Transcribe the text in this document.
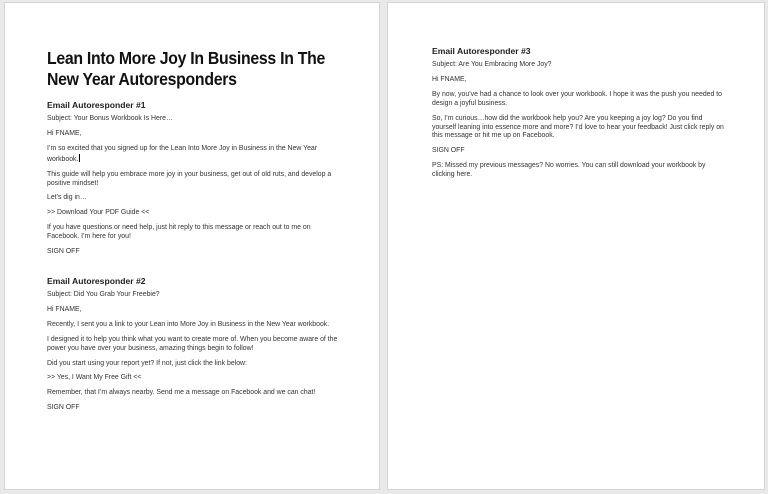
Lean Into More Joy In Business In The New Year Autoresponders
Email Autoresponder #1

Subject: Your Bonus Workbook Is Here…

Hi FNAME,

I’m so excited that you signed up for the Lean Into More Joy in Business in the New Year workbook.

This guide will help you embrace more joy in your business, get out of old ruts, and develop a positive mindset!

Let’s dig in…

>> Download Your PDF Guide <<

If you have questions or need help, just hit reply to this message or reach out to me on Facebook. I’m here for you!

SIGN OFF

Email Autoresponder #2

Subject: Did You Grab Your Freebie?

Hi FNAME,

Recently, I sent you a link to your Lean into More Joy in Business in the New Year workbook.

I designed it to help you think what you want to create more of. When you become aware of the power you have over your business, amazing things begin to follow!

Did you start using your report yet? If not, just click the link below:

>> Yes, I Want My Free Gift <<

Remember, that I’m always nearby. Send me a message on Facebook and we can chat!

SIGN OFF

Email Autoresponder #3

Subject: Are You Embracing More Joy?

Hi FNAME,

By now, you’ve had a chance to look over your workbook. I hope it was the push you needed to design a joyful business.

So, I’m curious…how did the workbook help you? Are you keeping a joy log? Do you find yourself leaning into essence more and more? I’d love to hear your feedback! Just click reply on this message or hit me up on Facebook.

SIGN OFF

PS: Missed my previous messages? No worries. You can still download your workbook by clicking here.
